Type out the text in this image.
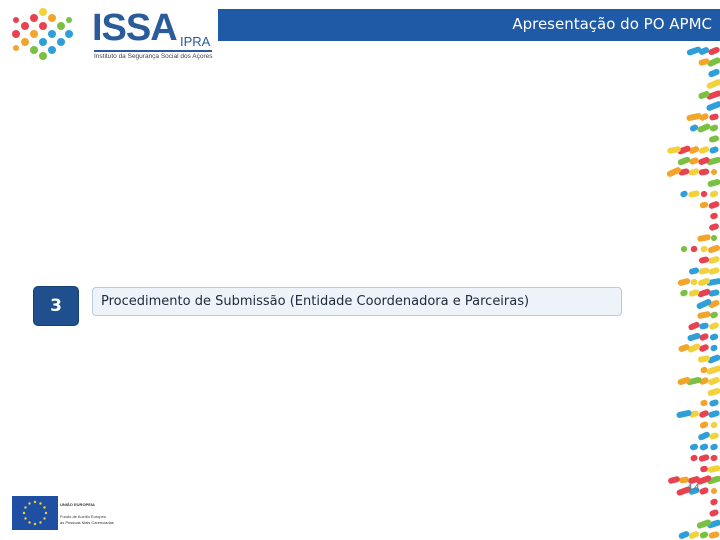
ISSA IPRA
Instituto da Segurança Social dos Açores
Apresentação do PO APMC
3	Procedimento de Submissão (Entidade Coordenadora e Parceiras)
UNIÃO EUROPEIA
Fundo de Auxílio Europeu
às Pessoas Mais Carenciadas
44
